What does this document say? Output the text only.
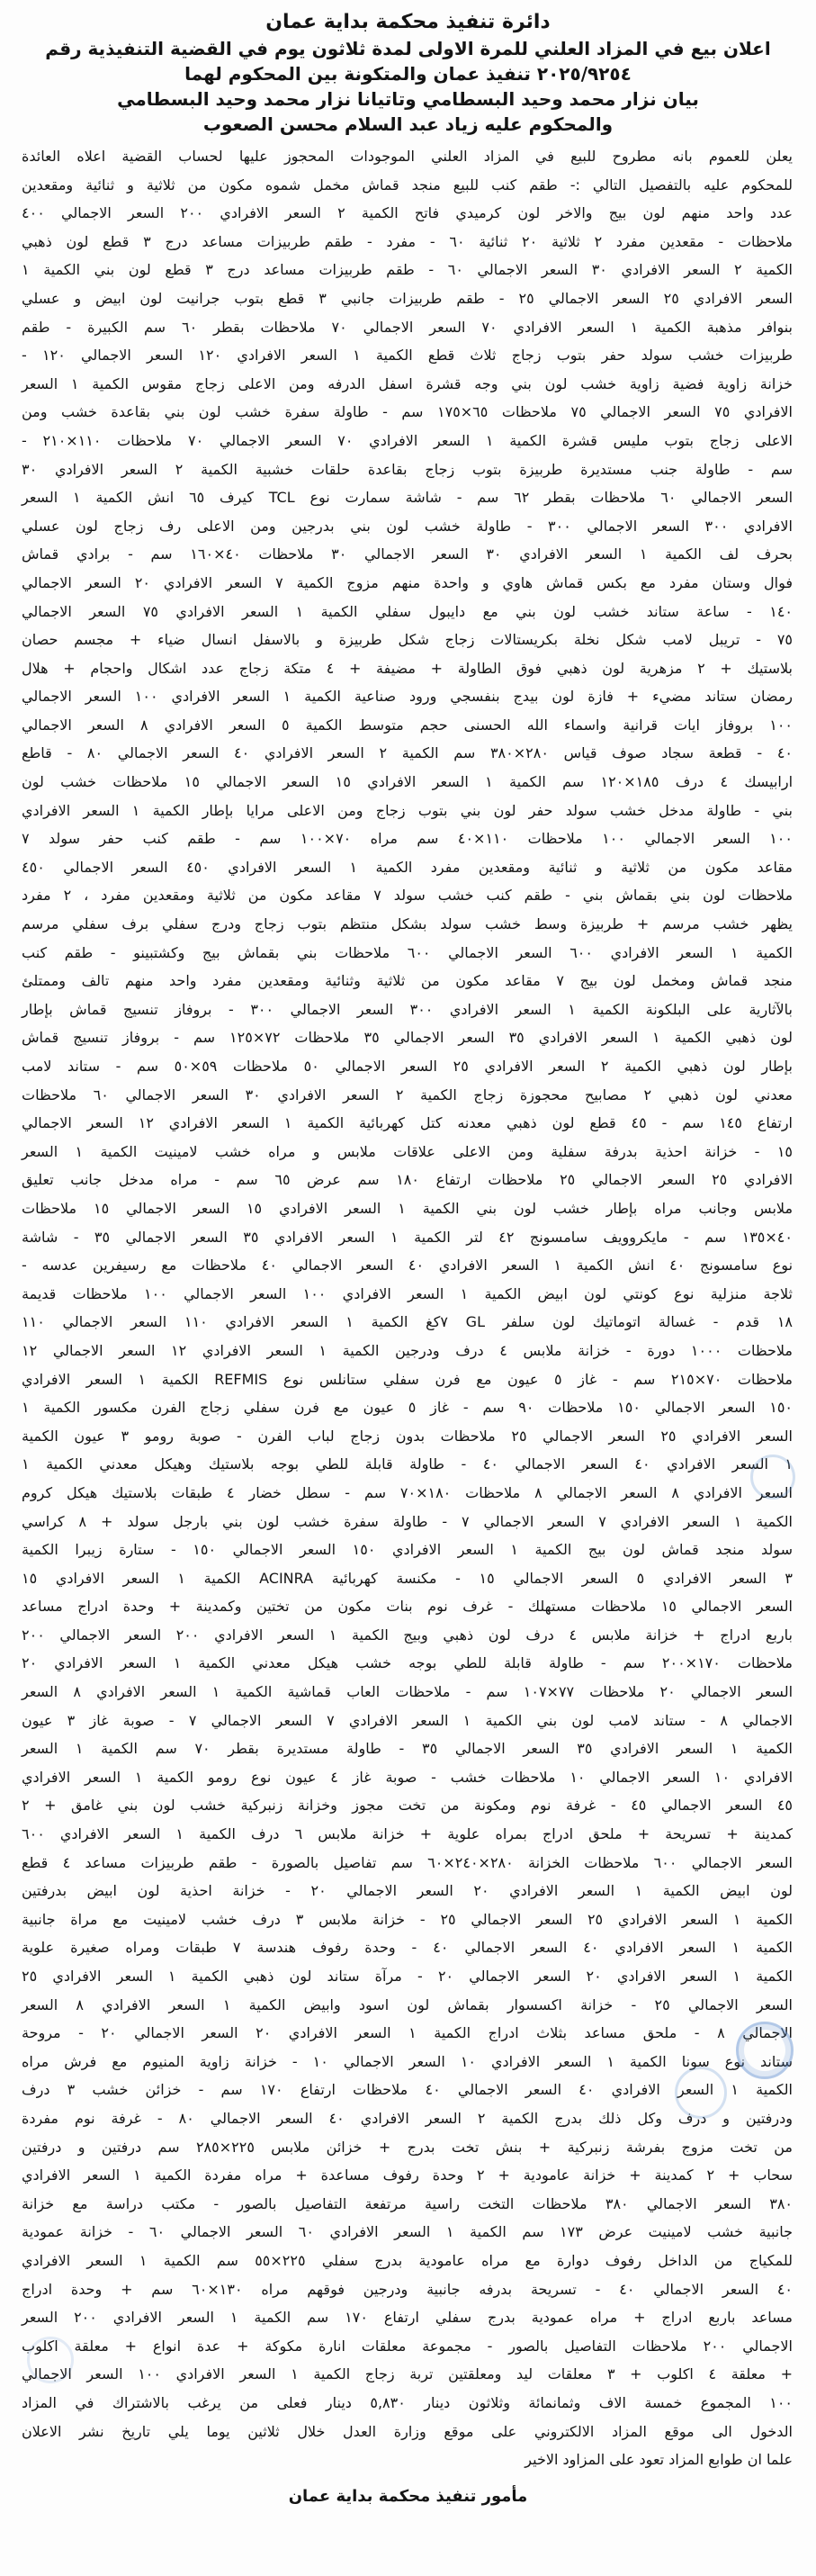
دائرة تنفيذ محكمة بداية عمان
اعلان بيع في المزاد العلني للمرة الاولى لمدة ثلاثون يوم في القضية التنفيذية رقم
٢٠٢٥/٩٢٥٤ تنفيذ عمان والمتكونة بين المحكوم لهما
بيان نزار محمد وحيد البسطامي وتاتيانا نزار محمد وحيد البسطامي
والمحكوم عليه زياد عبد السلام محسن الصعوب
يعلن للعموم بانه مطروح للبيع في المزاد العلني الموجودات المحجوز عليها لحساب القضية اعلاه العائدة
للمحكوم عليه بالتفصيل التالي :- طقم كنب للبيع منجد قماش مخمل شموه مكون من ثلاثية و ثنائية ومقعدين
عدد واحد منهم لون بيج والاخر لون كرميدي فاتح الكمية ٢ السعر الافرادي ٢٠٠ السعر الاجمالي ٤٠٠
ملاحظات - مقعدين مفرد ٢ ثلاثية ٢٠ ثنائية ٦٠ - مفرد - طقم طربيزات مساعد درج ٣ قطع لون ذهبي
الكمية ٢ السعر الافرادي ٣٠ السعر الاجمالي ٦٠ - طقم طربيزات مساعد درج ٣ قطع لون بني الكمية ١
السعر الافرادي ٢٥ السعر الاجمالي ٢٥ - طقم طربيزات جانبي ٣ قطع بتوب جرانيت لون ابيض و عسلي
بنوافر مذهبة الكمية ١ السعر الافرادي ٧٠ السعر الاجمالي ٧٠ ملاحظات بقطر ٦٠ سم الكبيرة - طقم
طربيزات خشب سولد حفر بتوب زجاج ثلاث قطع الكمية ١ السعر الافرادي ١٢٠ السعر الاجمالي ١٢٠ -
خزانة زاوية فضية زاوية خشب لون بني وجه قشرة اسفل الدرفه ومن الاعلى زجاج مقوس الكمية ١ السعر
الافرادي ٧٥ السعر الاجمالي ٧٥ ملاحظات ٦٥×١٧٥ سم - طاولة سفرة خشب لون بني بقاعدة خشب ومن
الاعلى زجاج بتوب مليس قشرة الكمية ١ السعر الافرادي ٧٠ السعر الاجمالي ٧٠ ملاحظات ١١٠×٢١٠ -
سم - طاولة جنب مستديرة طربيزة بتوب زجاج بقاعدة حلقات خشبية الكمية ٢ السعر الافرادي ٣٠
السعر الاجمالي ٦٠ ملاحظات بقطر ٦٢ سم - شاشة سمارت نوع TCL كيرف ٦٥ انش الكمية ١ السعر
الافرادي ٣٠٠ السعر الاجمالي ٣٠٠ - طاولة خشب لون بني بدرجين ومن الاعلى رف زجاج لون عسلي
بحرف لف الكمية ١ السعر الافرادي ٣٠ السعر الاجمالي ٣٠ ملاحظات ٤٠×١٦٠ سم - برادي قماش
فوال وستان مفرد مع بكس قماش هاوي و واحدة منهم مزوج الكمية ٧ السعر الافرادي ٢٠ السعر الاجمالي
١٤٠ - ساعة ستاند خشب لون بني مع دايبول سفلي الكمية ١ السعر الافرادي ٧٥ السعر الاجمالي
٧٥ - تريبل لامب شكل نخلة بكريستالات زجاج شكل طربيزة و بالاسفل انسال ضياء + مجسم حصان
بلاستيك + ٢ مزهرية لون ذهبي فوق الطاولة + مضيفة + ٤ متكة زجاج عدد اشكال واحجام + هلال
رمضان ستاند مضيء + فازة لون بيدج بنفسجي ورود صناعية الكمية ١ السعر الافرادي ١٠٠ السعر الاجمالي
١٠٠ بروفاز ايات قرانية واسماء الله الحسنى حجم متوسط الكمية ٥ السعر الافرادي ٨ السعر الاجمالي
٤٠ - قطعة سجاد صوف قياس ٢٨٠×٣٨٠ سم الكمية ٢ السعر الافرادي ٤٠ السعر الاجمالي ٨٠ - قاطع
ارابيسك ٤ درف ١٨٥×١٢٠ سم الكمية ١ السعر الافرادي ١٥ السعر الاجمالي ١٥ ملاحظات خشب لون
بني - طاولة مدخل خشب سولد حفر لون بني بتوب زجاج ومن الاعلى مرايا بإطار الكمية ١ السعر الافرادي
١٠٠ السعر الاجمالي ١٠٠ ملاحظات ١١٠×٤٠ سم مراه ٧٠×١٠٠ سم - طقم كنب حفر سولد ٧
مقاعد مكون من ثلاثية و ثنائية ومقعدين مفرد الكمية ١ السعر الافرادي ٤٥٠ السعر الاجمالي ٤٥٠
ملاحظات لون بني بقماش بني - طقم كنب خشب سولد ٧ مقاعد مكون من ثلاثية ومقعدين مفرد ، ٢ مفرد
يظهر خشب مرسم + طربيزة وسط خشب سولد بشكل منتظم بتوب زجاج ودرج سفلي برف سفلي مرسم
الكمية ١ السعر الافرادي ٦٠٠ السعر الاجمالي ٦٠٠ ملاحظات بني بقماش بيج وكشتبينو - طقم كنب
منجد قماش ومخمل لون بيج ٧ مقاعد مكون من ثلاثية وثنائية ومقعدين مفرد واحد منهم تالف وممتلئ
بالآثارية على البلكونة الكمية ١ السعر الافرادي ٣٠٠ السعر الاجمالي ٣٠٠ - بروفاز تنسيج قماش بإطار
لون ذهبي الكمية ١ السعر الافرادي ٣٥ السعر الاجمالي ٣٥ ملاحظات ٧٢×١٢٥ سم - بروفاز تنسيج قماش
بإطار لون ذهبي الكمية ٢ السعر الافرادي ٢٥ السعر الاجمالي ٥٠ ملاحظات ٥٩×٥٠ سم - ستاند لامب
معدني لون ذهبي ٢ مصابيح محجوزة زجاج الكمية ٢ السعر الافرادي ٣٠ السعر الاجمالي ٦٠ ملاحظات
ارتفاع ١٤٥ سم - ٤٥ قطع لون ذهبي معدنه كتل كهربائية الكمية ١ السعر الافرادي ١٢ السعر الاجمالي
١٥ - خزانة احذية بدرفة سفلية ومن الاعلى علاقات ملابس و مراه خشب لامينيت الكمية ١ السعر
الافرادي ٢٥ السعر الاجمالي ٢٥ ملاحظات ارتفاع ١٨٠ سم عرض ٦٥ سم - مراه مدخل جانب تعليق
ملابس وجانب مراه بإطار خشب لون بني الكمية ١ السعر الافرادي ١٥ السعر الاجمالي ١٥ ملاحظات
٤٠×١٣٥ سم - مايكروويف سامسونج ٤٢ لتر الكمية ١ السعر الافرادي ٣٥ السعر الاجمالي ٣٥ - شاشة
نوع سامسونج ٤٠ انش الكمية ١ السعر الافرادي ٤٠ السعر الاجمالي ٤٠ ملاحظات مع رسيفرين عدسه -
ثلاجة منزلية نوع كونتي لون ابيض الكمية ١ السعر الافرادي ١٠٠ السعر الاجمالي ١٠٠ ملاحظات قديمة
١٨ قدم - غسالة اتوماتيك لون سلفر GL ٧كغ الكمية ١ السعر الافرادي ١١٠ السعر الاجمالي ١١٠
ملاحظات ١٠٠٠ دورة - خزانة ملابس ٤ درف ودرجين الكمية ١ السعر الافرادي ١٢ السعر الاجمالي ١٢
ملاحظات ٧٠×٢١٥ سم - غاز ٥ عيون مع فرن سفلي ستانلس نوع REFMIS الكمية ١ السعر الافرادي
١٥٠ السعر الاجمالي ١٥٠ ملاحظات ٩٠ سم - غاز ٥ عيون مع فرن سفلي زجاج الفرن مكسور الكمية ١
السعر الافرادي ٢٥ السعر الاجمالي ٢٥ ملاحظات بدون زجاج لباب الفرن - صوبة رومو ٣ عيون الكمية
١ السعر الافرادي ٤٠ السعر الاجمالي ٤٠ - طاولة قابلة للطي بوجه بلاستيك وهيكل معدني الكمية ١
السعر الافرادي ٨ السعر الاجمالي ٨ ملاحظات ١٨٠×٧٠ سم - سطل خضار ٤ طبقات بلاستيك هيكل كروم
الكمية ١ السعر الافرادي ٧ السعر الاجمالي ٧ - طاولة سفرة خشب لون بني بارجل سولد + ٨ كراسي
سولد منجد قماش لون بيج الكمية ١ السعر الافرادي ١٥٠ السعر الاجمالي ١٥٠ - ستارة زيبرا الكمية
٣ السعر الافرادي ٥ السعر الاجمالي ١٥ - مكنسة كهربائية ACINRA الكمية ١ السعر الافرادي ١٥
السعر الاجمالي ١٥ ملاحظات مستهلك - غرف نوم بنات مكون من تختين وكمدينة + وحدة ادراج مساعد
باربع ادراج + خزانة ملابس ٤ درف لون ذهبي وبيج الكمية ١ السعر الافرادي ٢٠٠ السعر الاجمالي ٢٠٠
ملاحظات ١٧٠×٢٠٠ سم - طاولة قابلة للطي بوجه خشب هيكل معدني الكمية ١ السعر الافرادي ٢٠
السعر الاجمالي ٢٠ ملاحظات ٧٧×١٠٧ سم - ملاحظات العاب قماشية الكمية ١ السعر الافرادي ٨ السعر
الاجمالي ٨ - ستاند لامب لون بني الكمية ١ السعر الافرادي ٧ السعر الاجمالي ٧ - صوبة غاز ٣ عيون
الكمية ١ السعر الافرادي ٣٥ السعر الاجمالي ٣٥ - طاولة مستديرة بقطر ٧٠ سم الكمية ١ السعر
الافرادي ١٠ السعر الاجمالي ١٠ ملاحظات خشب - صوبة غاز ٤ عيون نوع رومو الكمية ١ السعر الافرادي
٤٥ السعر الاجمالي ٤٥ - غرفة نوم ومكونة من تخت مجوز وخزانة زنبركية خشب لون بني غامق + ٢
كمدينة + تسريحة + ملحق ادراج بمراه علوية + خزانة ملابس ٦ درف الكمية ١ السعر الافرادي ٦٠٠
السعر الاجمالي ٦٠٠ ملاحظات الخزانة ٢٨٠×٢٤٠×٦٠ سم تفاصيل بالصورة - طقم طربيزات مساعد ٤ قطع
لون ابيض الكمية ١ السعر الافرادي ٢٠ السعر الاجمالي ٢٠ - خزانة احذية لون ابيض بدرفتين
الكمية ١ السعر الافرادي ٢٥ السعر الاجمالي ٢٥ - خزانة ملابس ٣ درف خشب لامينيت مع مراة جانبية
الكمية ١ السعر الافرادي ٤٠ السعر الاجمالي ٤٠ - وحدة رفوف هندسة ٧ طبقات ومراه صغيرة علوية
الكمية ١ السعر الافرادي ٢٠ السعر الاجمالي ٢٠ - مرآة ستاند لون ذهبي الكمية ١ السعر الافرادي ٢٥
السعر الاجمالي ٢٥ - خزانة اكسسوار بقماش لون اسود وابيض الكمية ١ السعر الافرادي ٨ السعر
الاجمالي ٨ - ملحق مساعد بثلاث ادراج الكمية ١ السعر الافرادي ٢٠ السعر الاجمالي ٢٠ - مروحة
ستاند نوع سونا الكمية ١ السعر الافرادي ١٠ السعر الاجمالي ١٠ - خزانة زاوية المنيوم مع فرش مراه
الكمية ١ السعر الافرادي ٤٠ السعر الاجمالي ٤٠ ملاحظات ارتفاع ١٧٠ سم - خزائن خشب ٣ درف
ودرفتين و درف وكل ذلك بدرج الكمية ٢ السعر الافرادي ٤٠ السعر الاجمالي ٨٠ - غرفة نوم مفردة
من تخت مزوج بفرشة زنبركية + بنش تخت بدرج + خزائن ملابس ٢٢٥×٢٨٥ سم درفتين و درفتين
سحاب + ٢ كمدينة + خزانة عامودية + ٢ وحدة رفوف مساعدة + مراه مفردة الكمية ١ السعر الافرادي
٣٨٠ السعر الاجمالي ٣٨٠ ملاحظات التخت راسية مرتفعة التفاصيل بالصور - مكتب دراسة مع خزانة
جانبية خشب لامينيت عرض ١٧٣ سم الكمية ١ السعر الافرادي ٦٠ السعر الاجمالي ٦٠ - خزانة عمودية
للمكياج من الداخل رفوف دوارة مع مراه عامودية بدرج سفلي ٢٢٥×٥٥ سم الكمية ١ السعر الافرادي
٤٠ السعر الاجمالي ٤٠ - تسريحة بدرفه جانبية ودرجين فوقهم مراه ١٣٠×٦٠ سم + وحدة ادراج
مساعد باربع ادراج + مراه عمودية بدرج سفلي ارتفاع ١٧٠ سم الكمية ١ السعر الافرادي ٢٠٠ السعر
الاجمالي ٢٠٠ ملاحظات التفاصيل بالصور - مجموعة معلقات انارة مكوكة + عدة انواع + معلقة اكلوب
+ معلقة ٤ اكلوب + ٣ معلقات ليد ومعلقتين تربة زجاج الكمية ١ السعر الافرادي ١٠٠ السعر الاجمالي
١٠٠ المجموع خمسة الاف وثمانمائة وثلاثون دينار ٥,٨٣٠ دينار فعلى من يرغب بالاشتراك في المزاد
الدخول الى موقع المزاد الالكتروني على موقع وزارة العدل خلال ثلاثين يوما يلي تاريخ نشر الاعلان
علما ان طوابع المزاد تعود على المزاود الاخير
مأمور تنفيذ محكمة بداية عمان
